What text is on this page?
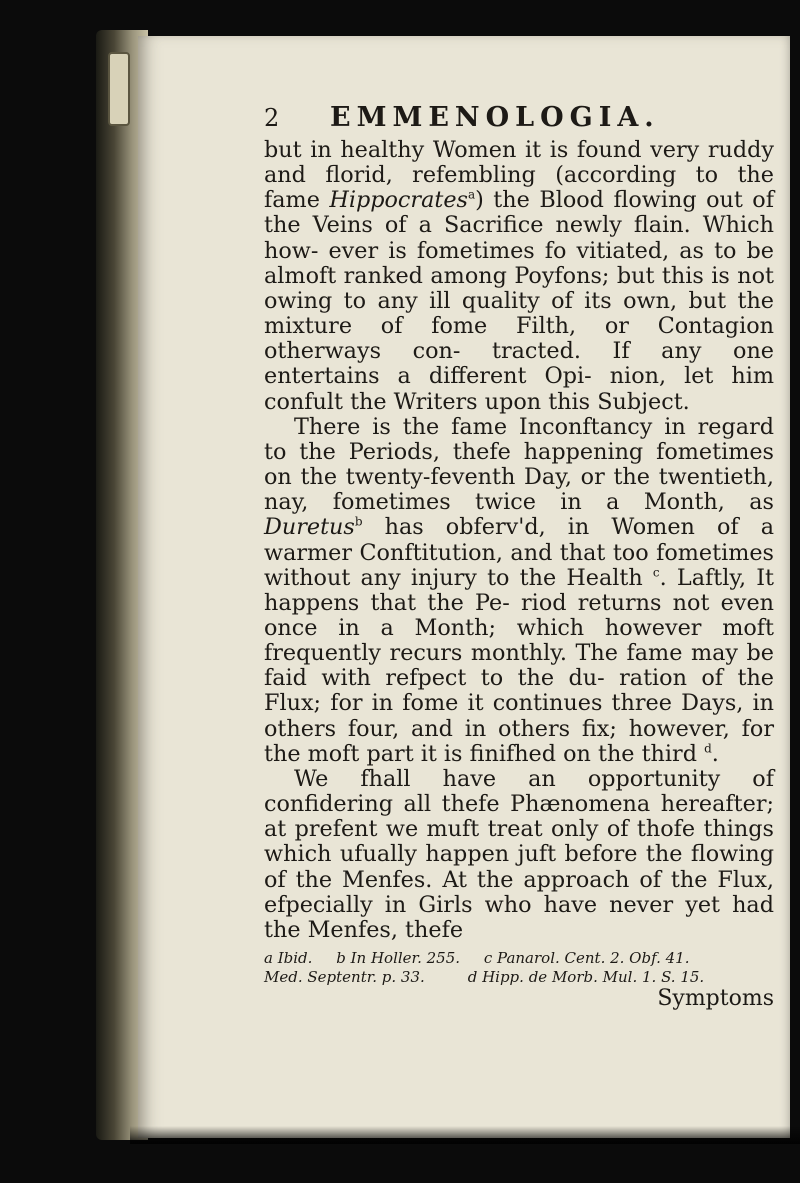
2	EMMENOLOGIA.

but in healthy Women it is found very ruddy and florid, refembling (according to the fame Hippocrates$^a$) the Blood flowing out of the Veins of a Sacrifice newly flain. Which how- ever is fometimes fo vitiated, as to be almoft ranked among Poyfons; but this is not owing to any ill quality of its own, but the mixture of fome Filth, or Contagion otherways con- tracted. If any one entertains a different Opi- nion, let him confult the Writers upon this Subject.

There is the fame Inconftancy in regard to the Periods, thefe happening fometimes on the twenty-feventh Day, or the twentieth, nay, fometimes twice in a Month, as Duretus$^b$ has obferv'd, in Women of a warmer Conftitution, and that too fometimes without any injury to the Health $^c$. Laftly, It happens that the Pe- riod returns not even once in a Month; which however moft frequently recurs monthly. The fame may be faid with refpect to the du- ration of the Flux; for in fome it continues three Days, in others four, and in others fix; however, for the moft part it is finifhed on the third $^d$.

We fhall have an opportunity of confidering all thefe Phænomena hereafter; at prefent we muft treat only of thofe things which ufually happen juft before the flowing of the Menfes. At the approach of the Flux, efpecially in Girls who have never yet had the Menfes, thefe

a Ibid. b In Holler. 255. c Panarol. Cent. 2. Obf. 41.
Med. Septentr. p. 33.	d Hipp. de Morb. Mul. 1. S. 15.
Symptoms
